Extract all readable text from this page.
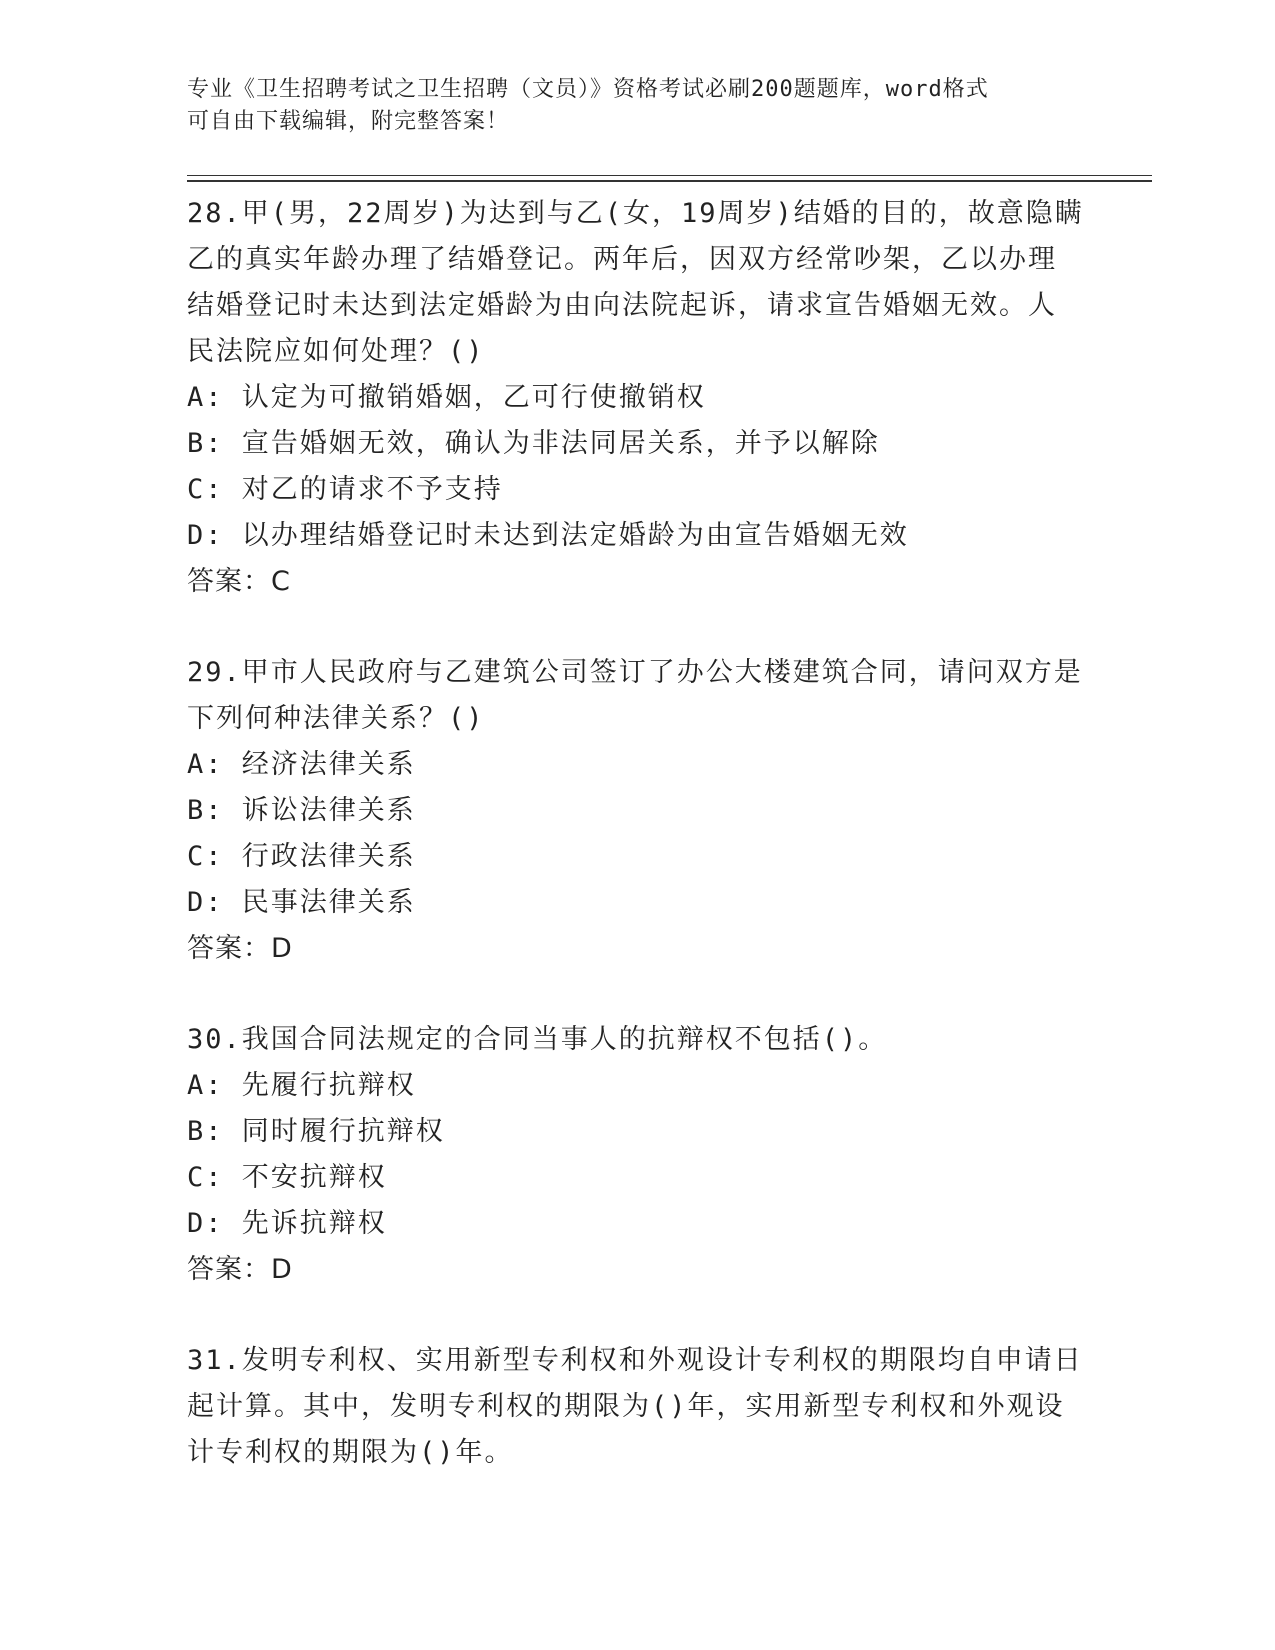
专业《卫生招聘考试之卫生招聘（文员）》资格考试必刷200题题库，word格式
可自由下载编辑，附完整答案！

28.甲(男，22周岁)为达到与乙(女，19周岁)结婚的目的，故意隐瞒

乙的真实年龄办理了结婚登记。两年后，因双方经常吵架，乙以办理

结婚登记时未达到法定婚龄为由向法院起诉，请求宣告婚姻无效。人

民法院应如何处理？()

A: 认定为可撤销婚姻，乙可行使撤销权

B: 宣告婚姻无效，确认为非法同居关系，并予以解除

C: 对乙的请求不予支持

D: 以办理结婚登记时未达到法定婚龄为由宣告婚姻无效

答案：C

29.甲市人民政府与乙建筑公司签订了办公大楼建筑合同，请问双方是

下列何种法律关系？()

A: 经济法律关系

B: 诉讼法律关系

C: 行政法律关系

D: 民事法律关系

答案：D

30.我国合同法规定的合同当事人的抗辩权不包括()。

A: 先履行抗辩权

B: 同时履行抗辩权

C: 不安抗辩权

D: 先诉抗辩权

答案：D

31.发明专利权、实用新型专利权和外观设计专利权的期限均自申请日

起计算。其中，发明专利权的期限为()年，实用新型专利权和外观设

计专利权的期限为()年。
